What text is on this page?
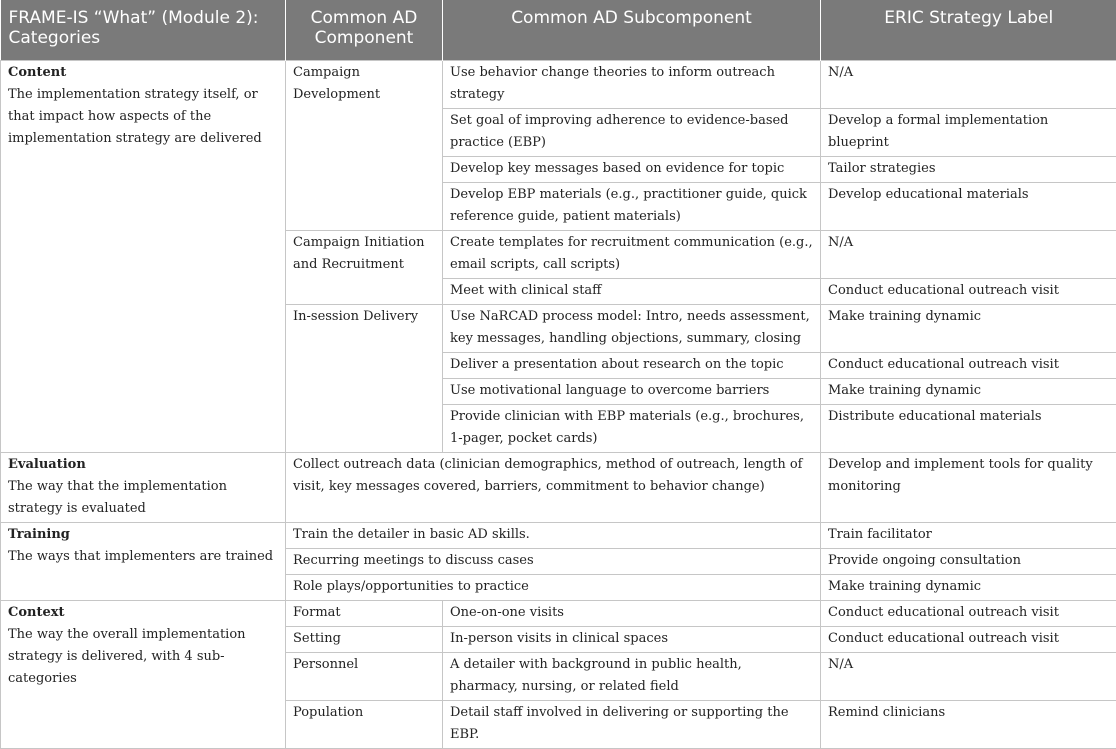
FRAME-IS “What” (Module 2): Categories	Common AD Component	Common AD Subcomponent	ERIC Strategy Label

Content
The implementation strategy itself, or that impact how aspects of the implementation strategy are delivered	Campaign Development	Use behavior change theories to inform outreach strategy	N/A
		Set goal of improving adherence to evidence-based practice (EBP)	Develop a formal implementation blueprint
		Develop key messages based on evidence for topic	Tailor strategies
		Develop EBP materials (e.g., practitioner guide, quick reference guide, patient materials)	Develop educational materials
	Campaign Initiation and Recruitment	Create templates for recruitment communication (e.g., email scripts, call scripts)	N/A
		Meet with clinical staff	Conduct educational outreach visit
	In-session Delivery	Use NaRCAD process model: Intro, needs assessment, key messages, handling objections, summary, closing	Make training dynamic
		Deliver a presentation about research on the topic	Conduct educational outreach visit
		Use motivational language to overcome barriers	Make training dynamic
		Provide clinician with EBP materials (e.g., brochures, 1-pager, pocket cards)	Distribute educational materials

Evaluation
The way that the implementation strategy is evaluated	Collect outreach data (clinician demographics, method of outreach, length of visit, key messages covered, barriers, commitment to behavior change)		Develop and implement tools for quality monitoring

Training
The ways that implementers are trained	Train the detailer in basic AD skills.		Train facilitator
	Recurring meetings to discuss cases		Provide ongoing consultation
	Role plays/opportunities to practice		Make training dynamic

Context
The way the overall implementation strategy is delivered, with 4 sub-categories	Format	One-on-one visits	Conduct educational outreach visit
	Setting	In-person visits in clinical spaces	Conduct educational outreach visit
	Personnel	A detailer with background in public health, pharmacy, nursing, or related field	N/A
	Population	Detail staff involved in delivering or supporting the EBP.	Remind clinicians
